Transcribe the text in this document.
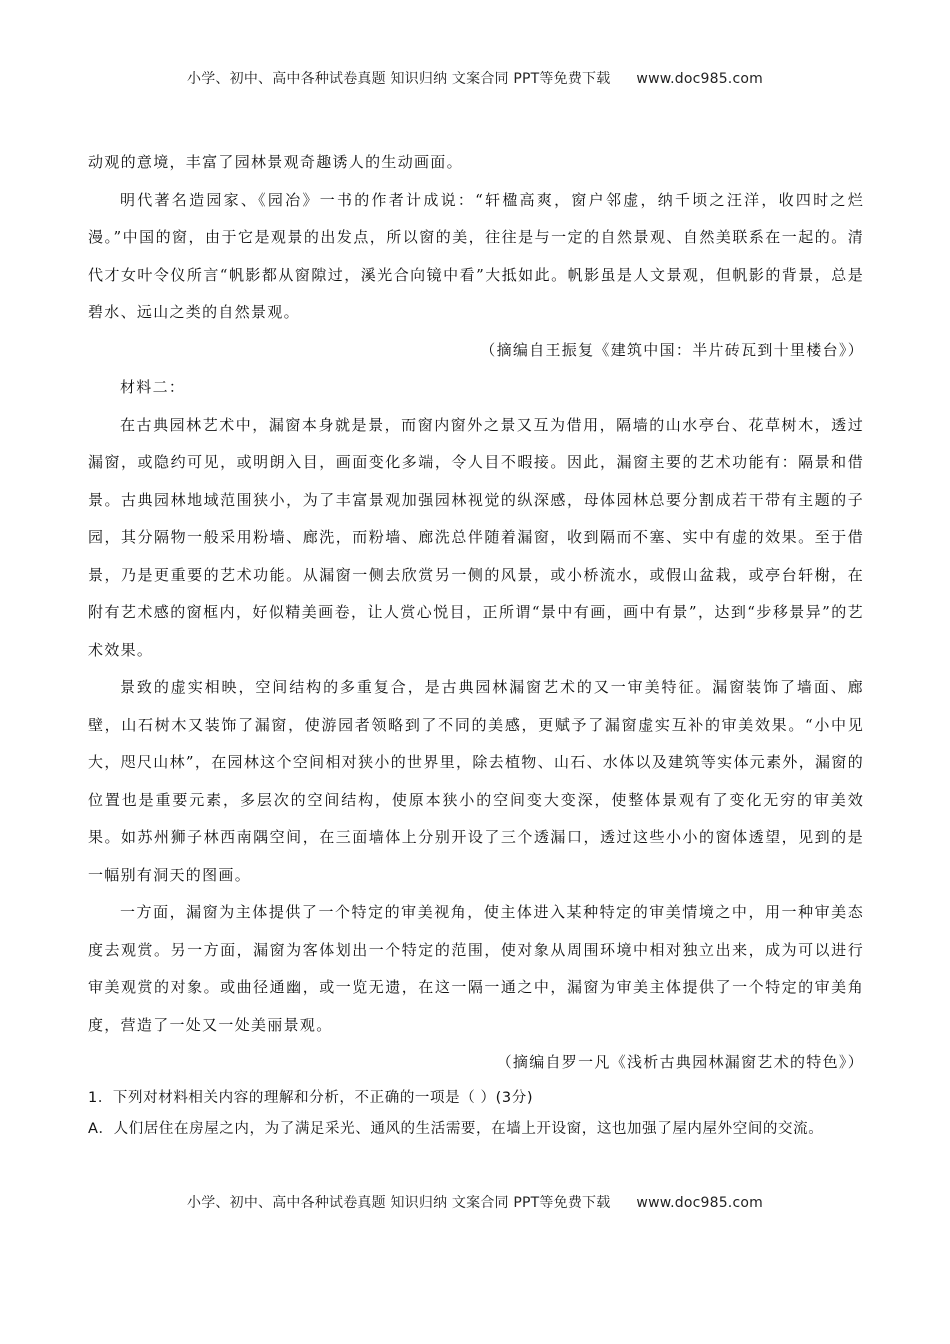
小学、初中、高中各种试卷真题 知识归纳 文案合同 PPT等免费下载 www.doc985.com

动观的意境，丰富了园林景观奇趣诱人的生动画面。

明代著名造园家、《园冶》一书的作者计成说：“轩楹高爽，窗户邻虚，纳千顷之汪洋，收四时之烂漫。”中国的窗，由于它是观景的出发点，所以窗的美，往往是与一定的自然景观、自然美联系在一起的。清代才女叶令仪所言“帆影都从窗隙过，溪光合向镜中看”大抵如此。帆影虽是人文景观，但帆影的背景，总是碧水、远山之类的自然景观。

（摘编自王振复《建筑中国：半片砖瓦到十里楼台》）

材料二：

在古典园林艺术中，漏窗本身就是景，而窗内窗外之景又互为借用，隔墙的山水亭台、花草树木，透过漏窗，或隐约可见，或明朗入目，画面变化多端，令人目不暇接。因此，漏窗主要的艺术功能有：隔景和借景。古典园林地域范围狭小，为了丰富景观加强园林视觉的纵深感，母体园林总要分割成若干带有主题的子园，其分隔物一般采用粉墙、廊洗，而粉墙、廊洗总伴随着漏窗，收到隔而不塞、实中有虚的效果。至于借景，乃是更重要的艺术功能。从漏窗一侧去欣赏另一侧的风景，或小桥流水，或假山盆栽，或亭台轩榭，在附有艺术感的窗框内，好似精美画卷，让人赏心悦目，正所谓“景中有画，画中有景”，达到“步移景异”的艺术效果。

景致的虚实相映，空间结构的多重复合，是古典园林漏窗艺术的又一审美特征。漏窗装饰了墙面、廊壁，山石树木又装饰了漏窗，使游园者领略到了不同的美感，更赋予了漏窗虚实互补的审美效果。“小中见大，咫尺山林”，在园林这个空间相对狭小的世界里，除去植物、山石、水体以及建筑等实体元素外，漏窗的位置也是重要元素，多层次的空间结构，使原本狭小的空间变大变深，使整体景观有了变化无穷的审美效果。如苏州狮子林西南隅空间，在三面墙体上分别开设了三个透漏口，透过这些小小的窗体透望，见到的是一幅别有洞天的图画。

一方面，漏窗为主体提供了一个特定的审美视角，使主体进入某种特定的审美情境之中，用一种审美态度去观赏。另一方面，漏窗为客体划出一个特定的范围，使对象从周围环境中相对独立出来，成为可以进行审美观赏的对象。或曲径通幽，或一览无遗，在这一隔一通之中，漏窗为审美主体提供了一个特定的审美角度，营造了一处又一处美丽景观。

（摘编自罗一凡《浅析古典园林漏窗艺术的特色》）

1．下列对材料相关内容的理解和分析，不正确的一项是（ ）(3分)

A．人们居住在房屋之内，为了满足采光、通风的生活需要，在墙上开设窗，这也加强了屋内屋外空间的交流。

小学、初中、高中各种试卷真题 知识归纳 文案合同 PPT等免费下载 www.doc985.com
